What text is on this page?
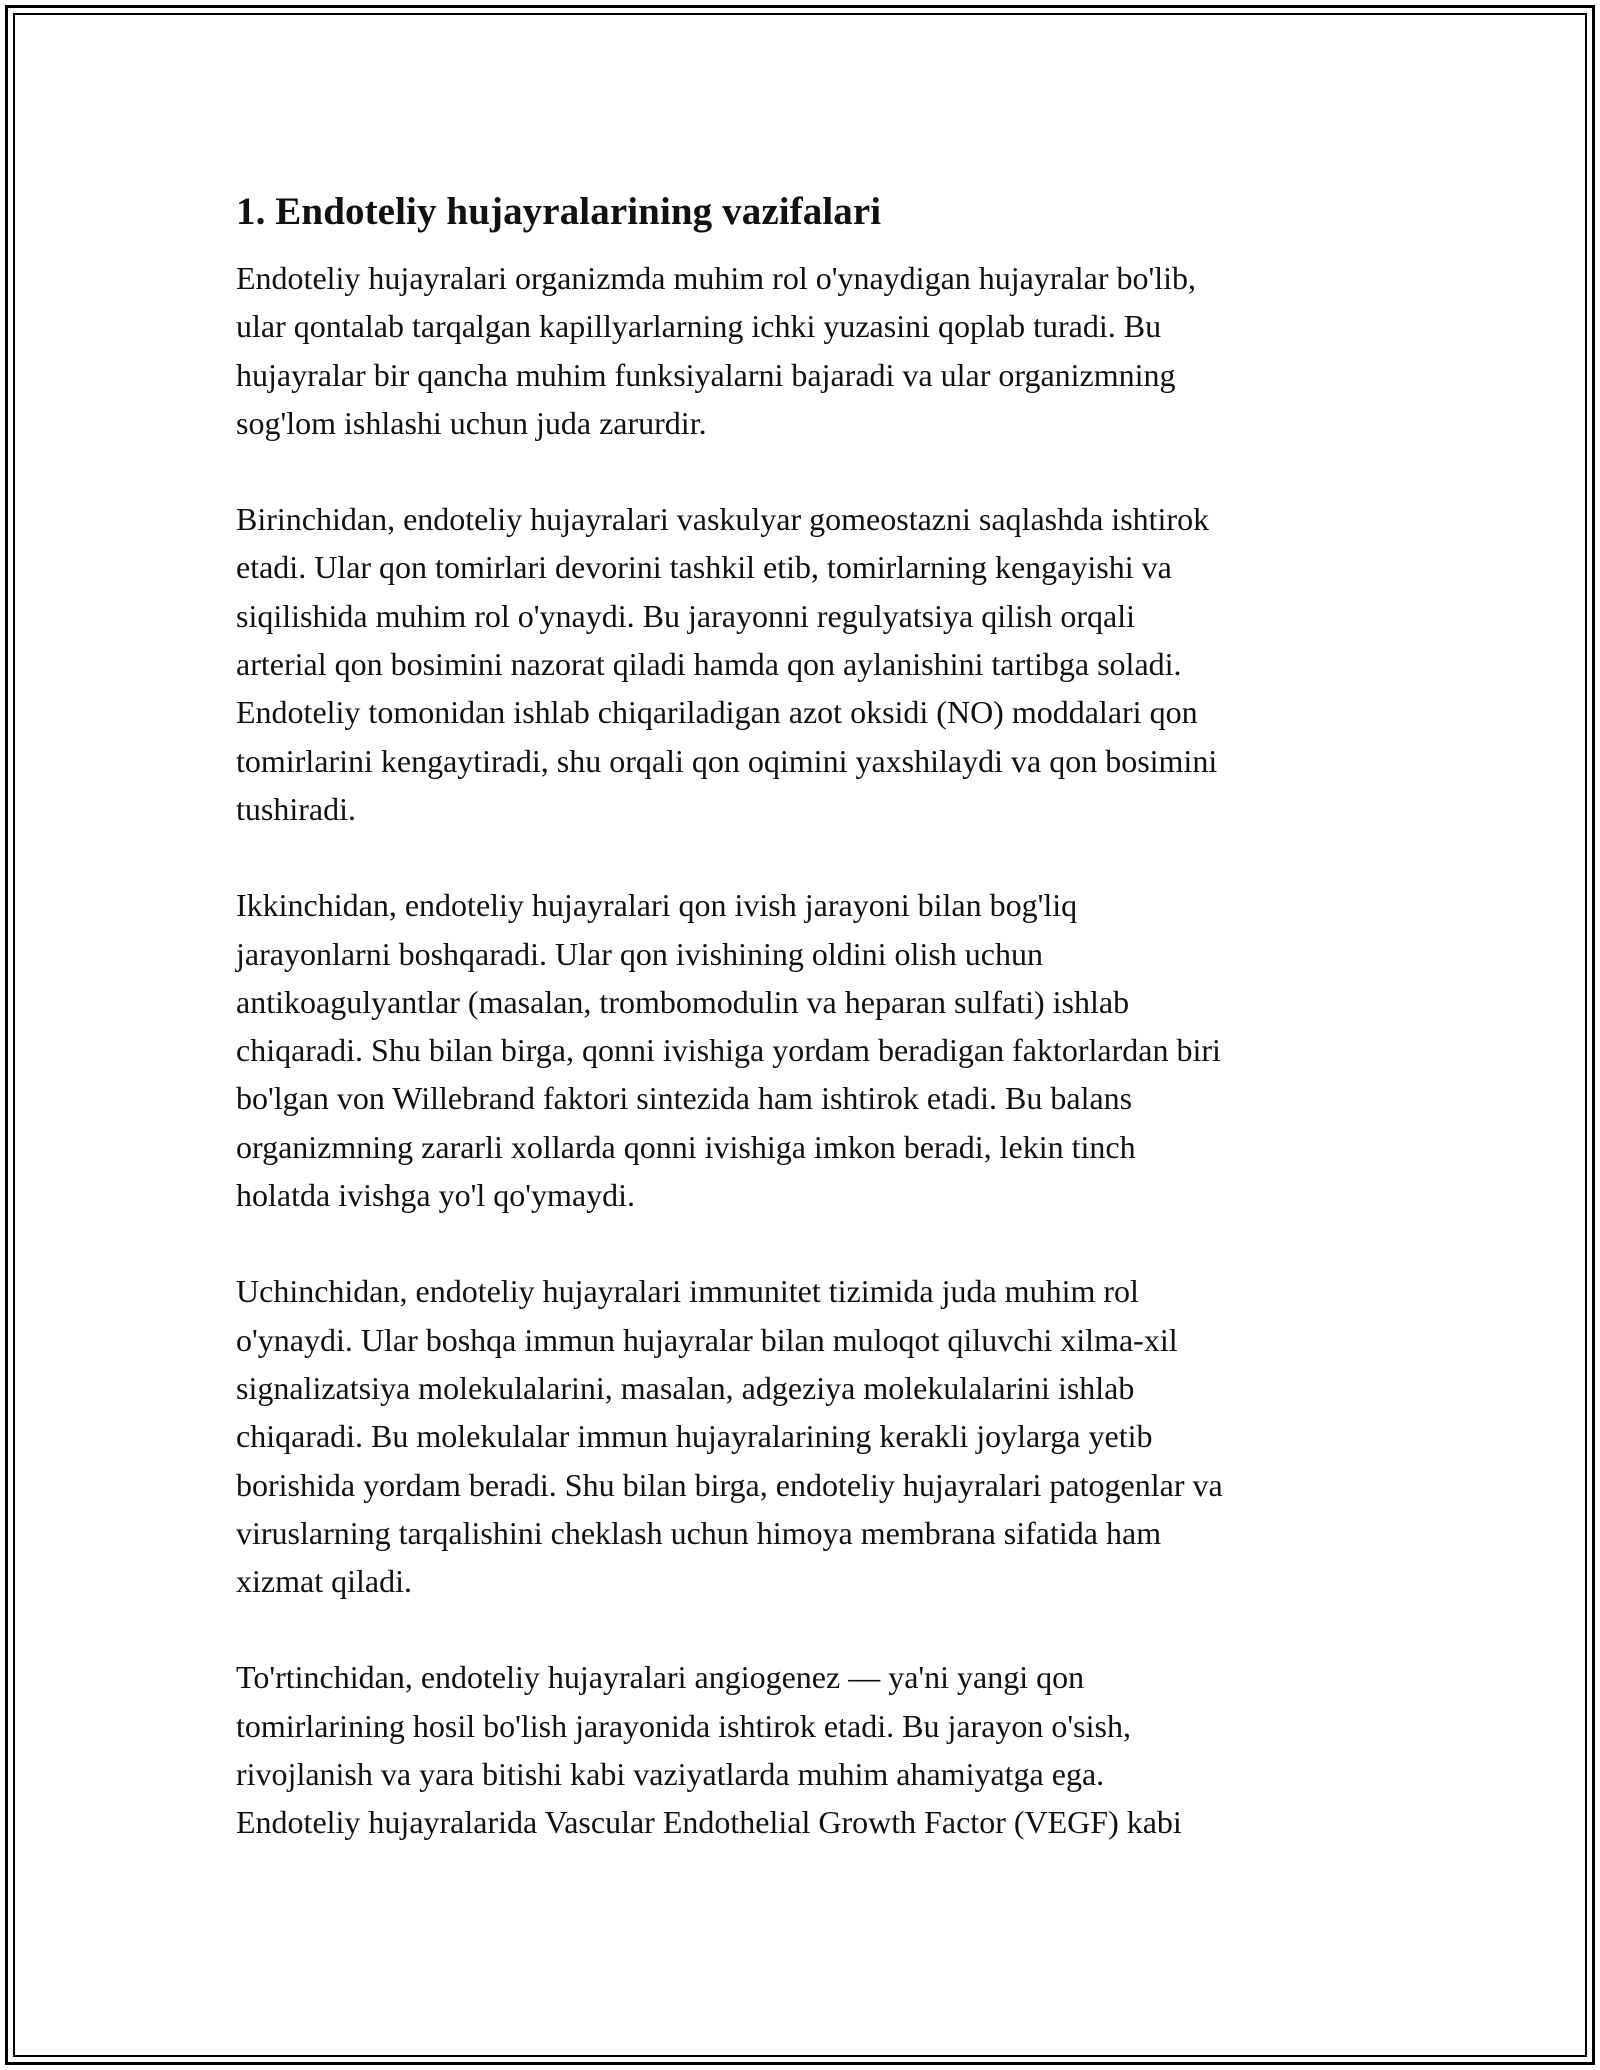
1. Endoteliy hujayralarining vazifalari

Endoteliy hujayralari organizmda muhim rol o'ynaydigan hujayralar bo'lib,
ular qontalab tarqalgan kapillyarlarning ichki yuzasini qoplab turadi. Bu
hujayralar bir qancha muhim funksiyalarni bajaradi va ular organizmning
sog'lom ishlashi uchun juda zarurdir.

Birinchidan, endoteliy hujayralari vaskulyar gomeostazni saqlashda ishtirok
etadi. Ular qon tomirlari devorini tashkil etib, tomirlarning kengayishi va
siqilishida muhim rol o'ynaydi. Bu jarayonni regulyatsiya qilish orqali
arterial qon bosimini nazorat qiladi hamda qon aylanishini tartibga soladi.
Endoteliy tomonidan ishlab chiqariladigan azot oksidi (NO) moddalari qon
tomirlarini kengaytiradi, shu orqali qon oqimini yaxshilaydi va qon bosimini
tushiradi.

Ikkinchidan, endoteliy hujayralari qon ivish jarayoni bilan bog'liq
jarayonlarni boshqaradi. Ular qon ivishining oldini olish uchun
antikoagulyantlar (masalan, trombomodulin va heparan sulfati) ishlab
chiqaradi. Shu bilan birga, qonni ivishiga yordam beradigan faktorlardan biri
bo'lgan von Willebrand faktori sintezida ham ishtirok etadi. Bu balans
organizmning zararli xollarda qonni ivishiga imkon beradi, lekin tinch
holatda ivishga yo'l qo'ymaydi.

Uchinchidan, endoteliy hujayralari immunitet tizimida juda muhim rol
o'ynaydi. Ular boshqa immun hujayralar bilan muloqot qiluvchi xilma-xil
signalizatsiya molekulalarini, masalan, adgeziya molekulalarini ishlab
chiqaradi. Bu molekulalar immun hujayralarining kerakli joylarga yetib
borishida yordam beradi. Shu bilan birga, endoteliy hujayralari patogenlar va
viruslarning tarqalishini cheklash uchun himoya membrana sifatida ham
xizmat qiladi.

To'rtinchidan, endoteliy hujayralari angiogenez — ya'ni yangi qon
tomirlarining hosil bo'lish jarayonida ishtirok etadi. Bu jarayon o'sish,
rivojlanish va yara bitishi kabi vaziyatlarda muhim ahamiyatga ega.
Endoteliy hujayralarida Vascular Endothelial Growth Factor (VEGF) kabi
